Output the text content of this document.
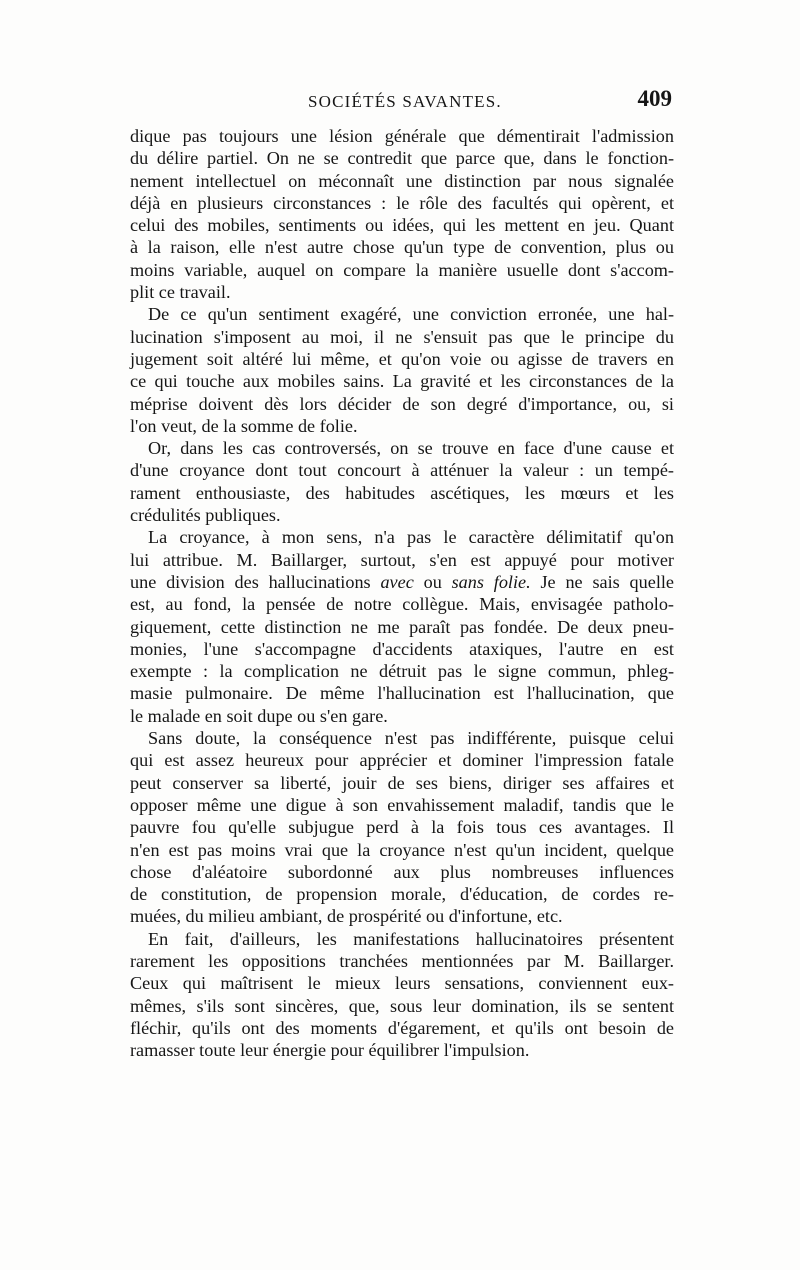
SOCIÉTÉS SAVANTES.	409
dique pas toujours une lésion générale que démentirait l'admission
du délire partiel. On ne se contredit que parce que, dans le fonction-
nement intellectuel on méconnaît une distinction par nous signalée
déjà en plusieurs circonstances : le rôle des facultés qui opèrent, et
celui des mobiles, sentiments ou idées, qui les mettent en jeu. Quant
à la raison, elle n'est autre chose qu'un type de convention, plus ou
moins variable, auquel on compare la manière usuelle dont s'accom-
plit ce travail.
De ce qu'un sentiment exagéré, une conviction erronée, une hal-
lucination s'imposent au moi, il ne s'ensuit pas que le principe du
jugement soit altéré lui même, et qu'on voie ou agisse de travers en
ce qui touche aux mobiles sains. La gravité et les circonstances de la
méprise doivent dès lors décider de son degré d'importance, ou, si
l'on veut, de la somme de folie.
Or, dans les cas controversés, on se trouve en face d'une cause et
d'une croyance dont tout concourt à atténuer la valeur : un tempé-
rament enthousiaste, des habitudes ascétiques, les mœurs et les
crédulités publiques.
La croyance, à mon sens, n'a pas le caractère délimitatif qu'on
lui attribue. M. Baillarger, surtout, s'en est appuyé pour motiver
une division des hallucinations avec ou sans folie. Je ne sais quelle
est, au fond, la pensée de notre collègue. Mais, envisagée patholo-
giquement, cette distinction ne me paraît pas fondée. De deux pneu-
monies, l'une s'accompagne d'accidents ataxiques, l'autre en est
exempte : la complication ne détruit pas le signe commun, phleg-
masie pulmonaire. De même l'hallucination est l'hallucination, que
le malade en soit dupe ou s'en gare.
Sans doute, la conséquence n'est pas indifférente, puisque celui
qui est assez heureux pour apprécier et dominer l'impression fatale
peut conserver sa liberté, jouir de ses biens, diriger ses affaires et
opposer même une digue à son envahissement maladif, tandis que le
pauvre fou qu'elle subjugue perd à la fois tous ces avantages. Il
n'en est pas moins vrai que la croyance n'est qu'un incident, quelque
chose d'aléatoire subordonné aux plus nombreuses influences
de constitution, de propension morale, d'éducation, de cordes re-
muées, du milieu ambiant, de prospérité ou d'infortune, etc.
En fait, d'ailleurs, les manifestations hallucinatoires présentent
rarement les oppositions tranchées mentionnées par M. Baillarger.
Ceux qui maîtrisent le mieux leurs sensations, conviennent eux-
mêmes, s'ils sont sincères, que, sous leur domination, ils se sentent
fléchir, qu'ils ont des moments d'égarement, et qu'ils ont besoin de
ramasser toute leur énergie pour équilibrer l'impulsion.
